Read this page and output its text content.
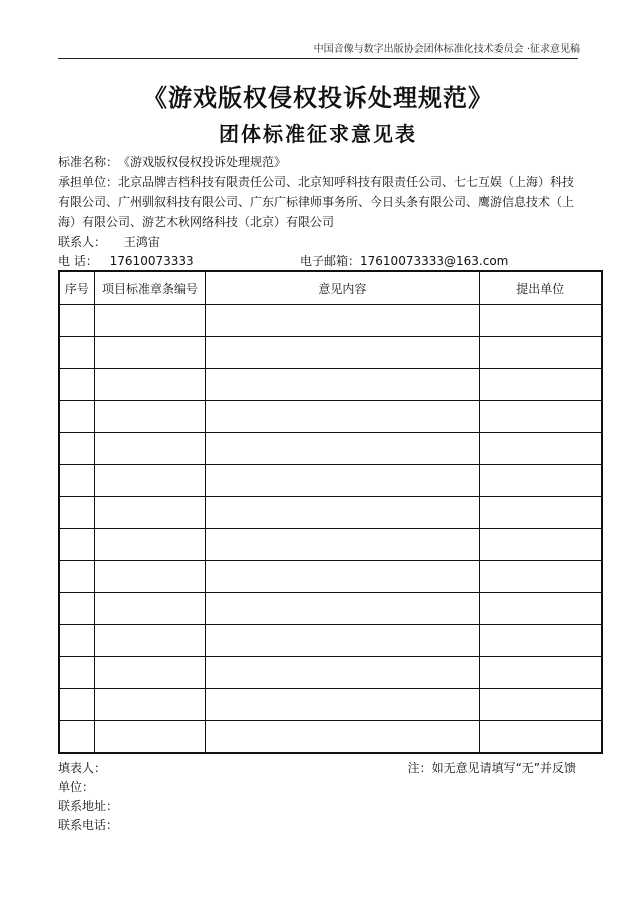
中国音像与数字出版协会团体标准化技术委员会 ·征求意见稿
《游戏版权侵权投诉处理规范》
团体标准征求意见表
标准名称：《游戏版权侵权投诉处理规范》
承担单位：北京品牌吉档科技有限责任公司、北京知呼科技有限责任公司、七七互娱（上海）科技有限公司、广州驯叙科技有限公司、广东广标律师事务所、今日头条有限公司、鹰游信息技术（上海）有限公司、游艺木秋网络科技（北京）有限公司
联系人： 王鸿宙
电 话： 17610073333	电子邮箱：17610073333@163.com
序号	项目标准章条编号	意见内容	提出单位

填表人：	注：如无意见请填写“无”并反馈
单位：
联系地址：
联系电话：
